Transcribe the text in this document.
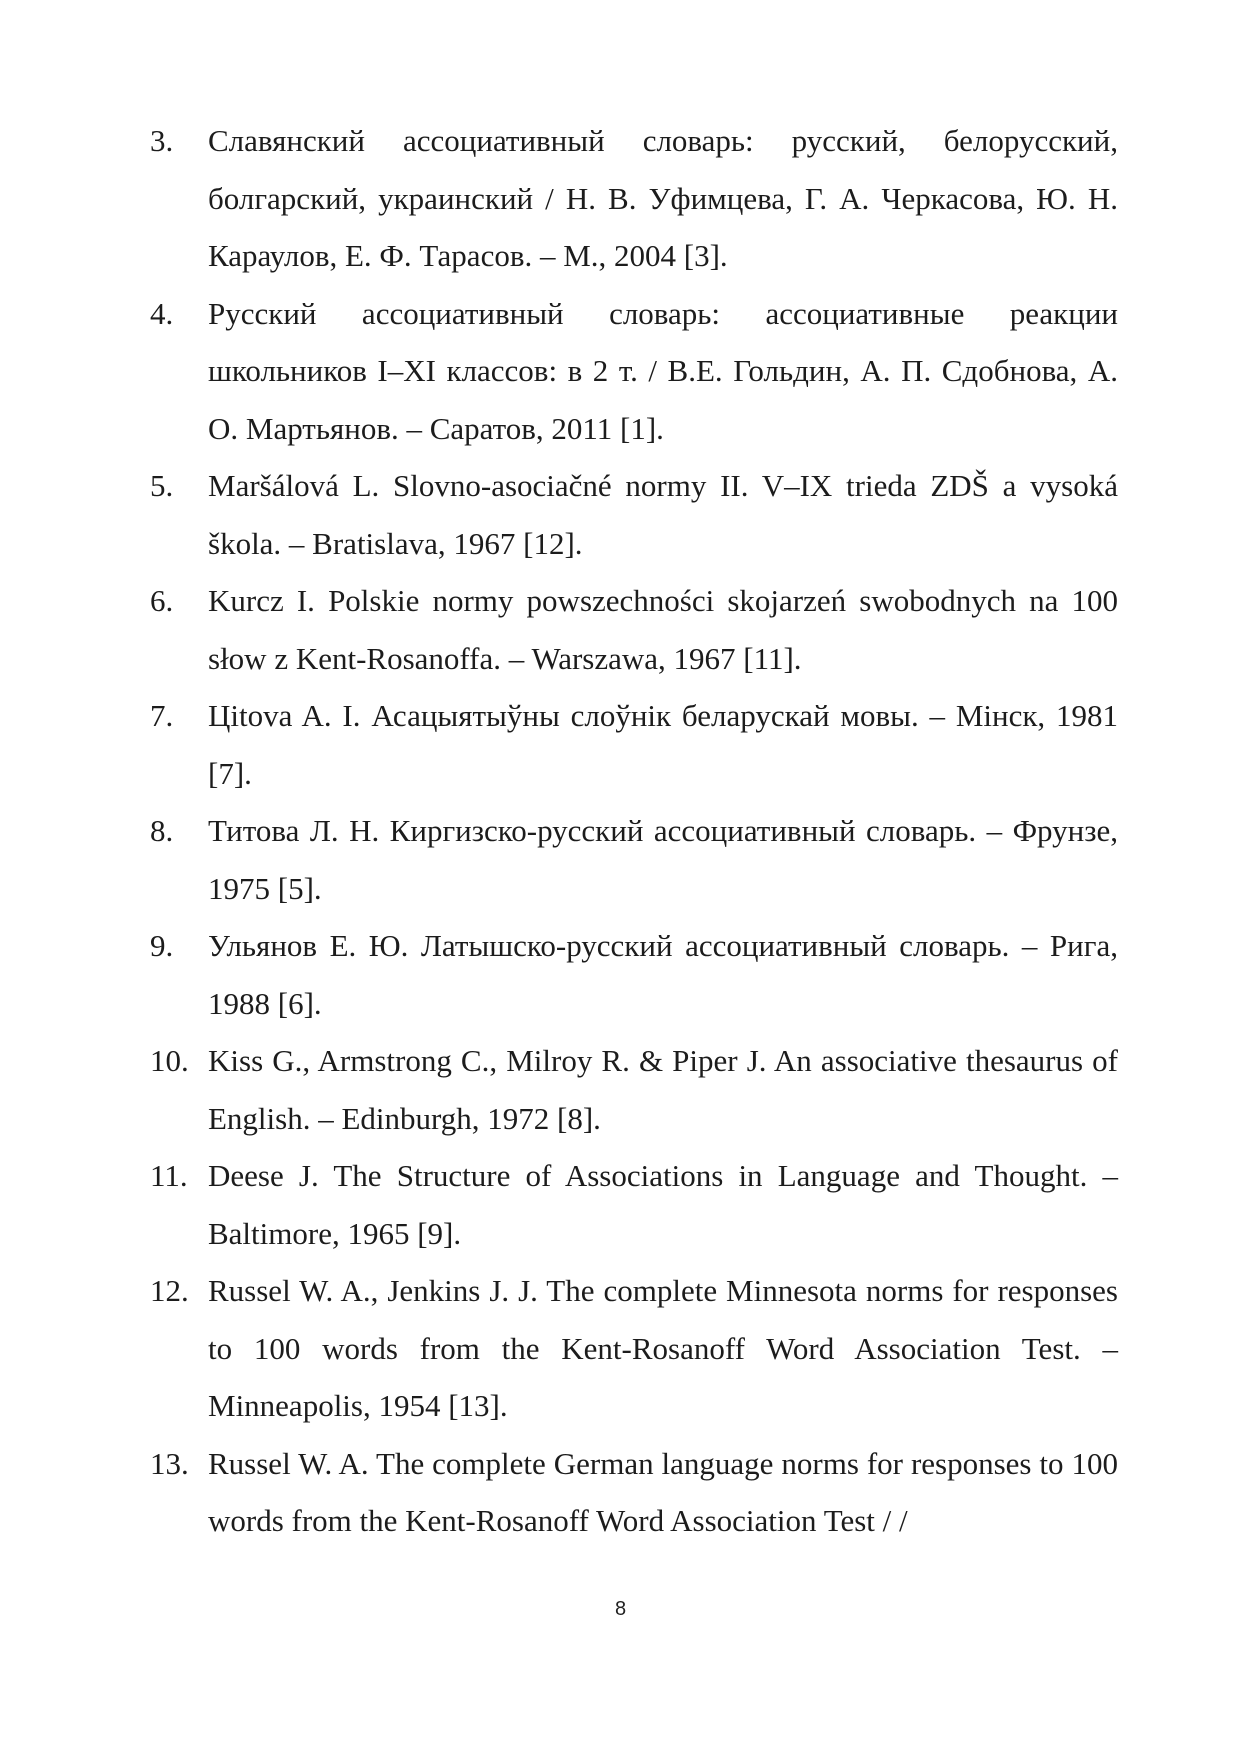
3. Славянский ассоциативный словарь: русский, белорусский, болгарский, украинский / Н. В. Уфимцева, Г. А. Черкасова, Ю. Н. Караулов, Е. Ф. Тарасов. – М., 2004 [3].
4. Русский ассоциативный словарь: ассоциативные реакции школьников I–XI классов: в 2 т. / В.Е. Гольдин, А. П. Сдобнова, А. О. Мартьянов. – Саратов, 2011 [1].
5. Maršálová L. Slovno-asociačné normy II. V–IX trieda ZDŠ a vysoká škola. – Bratislava, 1967 [12].
6. Kurcz I. Polskie normy powszechności skojarzeń swobodnych na 100 słow z Kent-Rosanoffa. – Warszawa, 1967 [11].
7. Цitova A. I. Асацыятыўны слоўнік беларускай мовы. – Мінск, 1981 [7].
8. Титова Л. Н. Киргизско-русский ассоциативный словарь. – Фрунзе, 1975 [5].
9. Ульянов Е. Ю. Латышско-русский ассоциативный словарь. – Рига, 1988 [6].
10. Kiss G., Armstrong C., Milroy R. & Piper J. An associative thesaurus of English. – Edinburgh, 1972 [8].
11. Deese J. The Structure of Associations in Language and Thought. – Baltimore, 1965 [9].
12. Russel W. A., Jenkins J. J. The complete Minnesota norms for responses to 100 words from the Kent-Rosanoff Word Association Test. – Minneapolis, 1954 [13].
13. Russel W. A. The complete German language norms for responses to 100 words from the Kent-Rosanoff Word Association Test / /
8
